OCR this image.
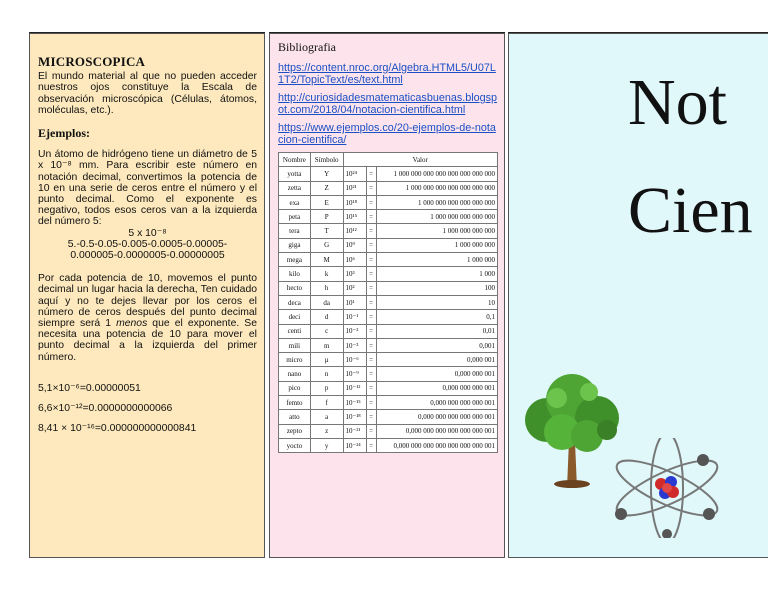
MICROSCOPICA

El mundo material al que no pueden acceder nuestros ojos constituye la Escala de observación microscópica (Células, átomos, moléculas, etc.).

Ejemplos:

Un átomo de hidrógeno tiene un diámetro de 5 x 10⁻⁸ mm. Para escribir este número en notación decimal, convertimos la potencia de 10 en una serie de ceros entre el número y el punto decimal. Como el exponente es negativo, todos esos ceros van a la izquierda del número 5:

5 x 10⁻⁸

5.-0.5-0.05-0.005-0.0005-0.00005-

0.000005-0.0000005-0.00000005

Por cada potencia de 10, movemos el punto decimal un lugar hacia la derecha, Ten cuidado aquí y no te dejes llevar por los ceros el número de ceros después del punto decimal siempre será 1 menos que el exponente. Se necesita una potencia de 10 para mover el punto decimal a la izquierda del primer número.

5,1×10⁻⁶=0.00000051

6,6×10⁻¹²=0.0000000000066

8,41 × 10⁻¹⁶=0.000000000000841

Bibliografia

https://content.nroc.org/Algebra.HTML5/U07L1T2/TopicText/es/text.html
http://curiosidadesmatematicasbuenas.blogspot.com/2018/04/notacion-cientifica.html
https://www.ejemplos.co/20-ejemplos-de-notacion-cientifica/
Nombre	Símbolo	Valor		
yotta	Y	10²⁴	=	1 000 000 000 000 000 000 000 000
zetta	Z	10²¹	=	1 000 000 000 000 000 000 000
exa	E	10¹⁸	=	1 000 000 000 000 000 000
peta	P	10¹⁵	=	1 000 000 000 000 000
tera	T	10¹²	=	1 000 000 000 000
giga	G	10⁹	=	1 000 000 000
mega	M	10⁶	=	1 000 000
kilo	k	10³	=	1 000
hecto	h	10²	=	100
deca	da	10¹	=	10
deci	d	10⁻¹	=	0,1
centi	c	10⁻²	=	0,01
mili	m	10⁻³	=	0,001
micro	µ	10⁻⁶	=	0,000 001
nano	n	10⁻⁹	=	0,000 000 001
pico	p	10⁻¹²	=	0,000 000 000 001
femto	f	10⁻¹⁵	=	0,000 000 000 000 001
atto	a	10⁻¹⁸	=	0,000 000 000 000 000 001
zepto	z	10⁻²¹	=	0,000 000 000 000 000 000 001
yocto	y	10⁻²⁴	=	0,000 000 000 000 000 000 000 001
Not
Cien
